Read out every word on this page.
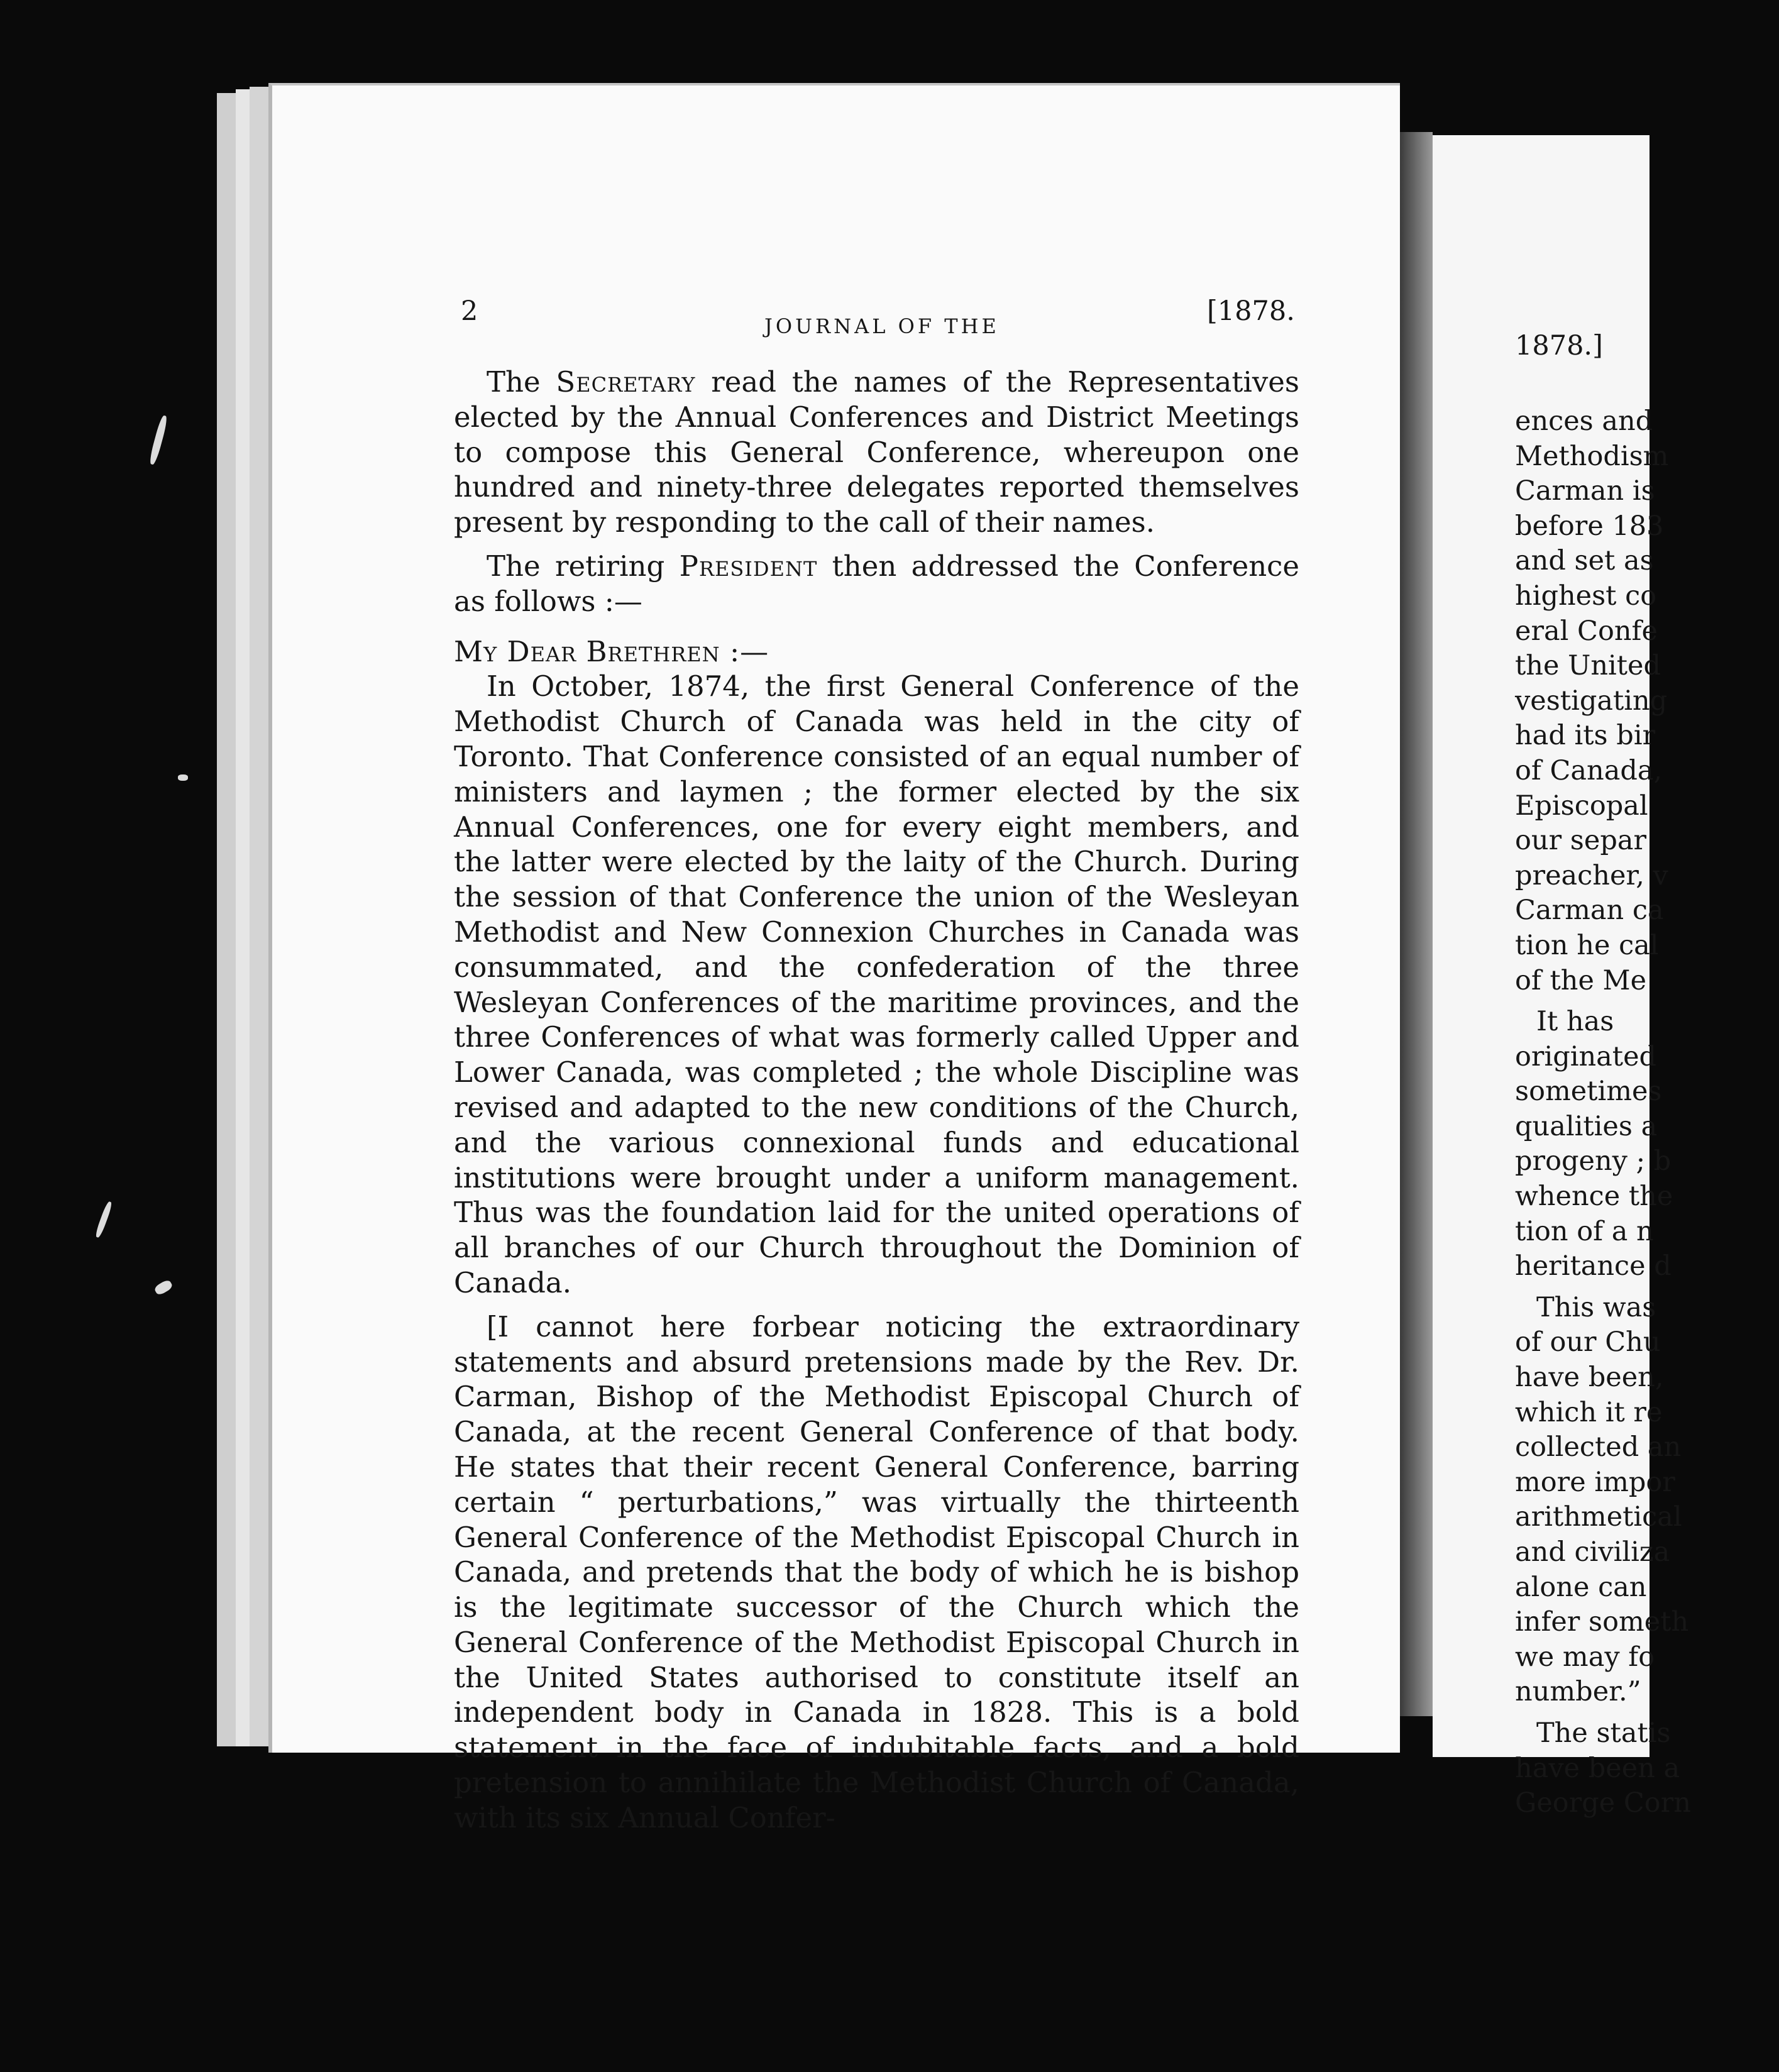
2	JOURNAL OF THE	[1878.

The Secretary read the names of the Representatives elected by the Annual Conferences and District Meetings to compose this General Conference, whereupon one hundred and ninety-three delegates reported themselves present by responding to the call of their names.

The retiring President then addressed the Conference as follows :—

My Dear Brethren :—

In October, 1874, the first General Conference of the Methodist Church of Canada was held in the city of Toronto. That Conference consisted of an equal number of ministers and laymen ; the former elected by the six Annual Conferences, one for every eight members, and the latter were elected by the laity of the Church. During the session of that Conference the union of the Wesleyan Methodist and New Connexion Churches in Canada was consummated, and the confederation of the three Wesleyan Conferences of the maritime provinces, and the three Conferences of what was formerly called Upper and Lower Canada, was completed ; the whole Discipline was revised and adapted to the new conditions of the Church, and the various connexional funds and educational institutions were brought under a uniform management. Thus was the foundation laid for the united operations of all branches of our Church throughout the Dominion of Canada.

[I cannot here forbear noticing the extraordinary statements and absurd pretensions made by the Rev. Dr. Carman, Bishop of the Methodist Episcopal Church of Canada, at the recent General Conference of that body. He states that their recent General Conference, barring certain “ perturbations,” was virtually the thirteenth General Conference of the Methodist Episcopal Church in Canada, and pretends that the body of which he is bishop is the legitimate successor of the Church which the General Conference of the Methodist Episcopal Church in the United States authorised to constitute itself an independent body in Canada in 1828. This is a bold statement in the face of indubitable facts, and a bold pretension to annihilate the Methodist Church of Canada, with its six Annual Confer-

1878.]
ences and
Methodism
Carman is
before 183
and set as
highest co
eral Confe
the United
vestigating
had its bir
of Canada,
Episcopal
our separ
preacher, v
Carman ca
tion he cal
of the Me
It has
originated
sometimes
qualities a
progeny ; b
whence the
tion of a n
heritance d
This was
of our Chu
have been,
which it re
collected an
more impor
arithmetical
and civiliza
alone can
infer someth
we may fo
number.”
The statis
have been a
George Corn
